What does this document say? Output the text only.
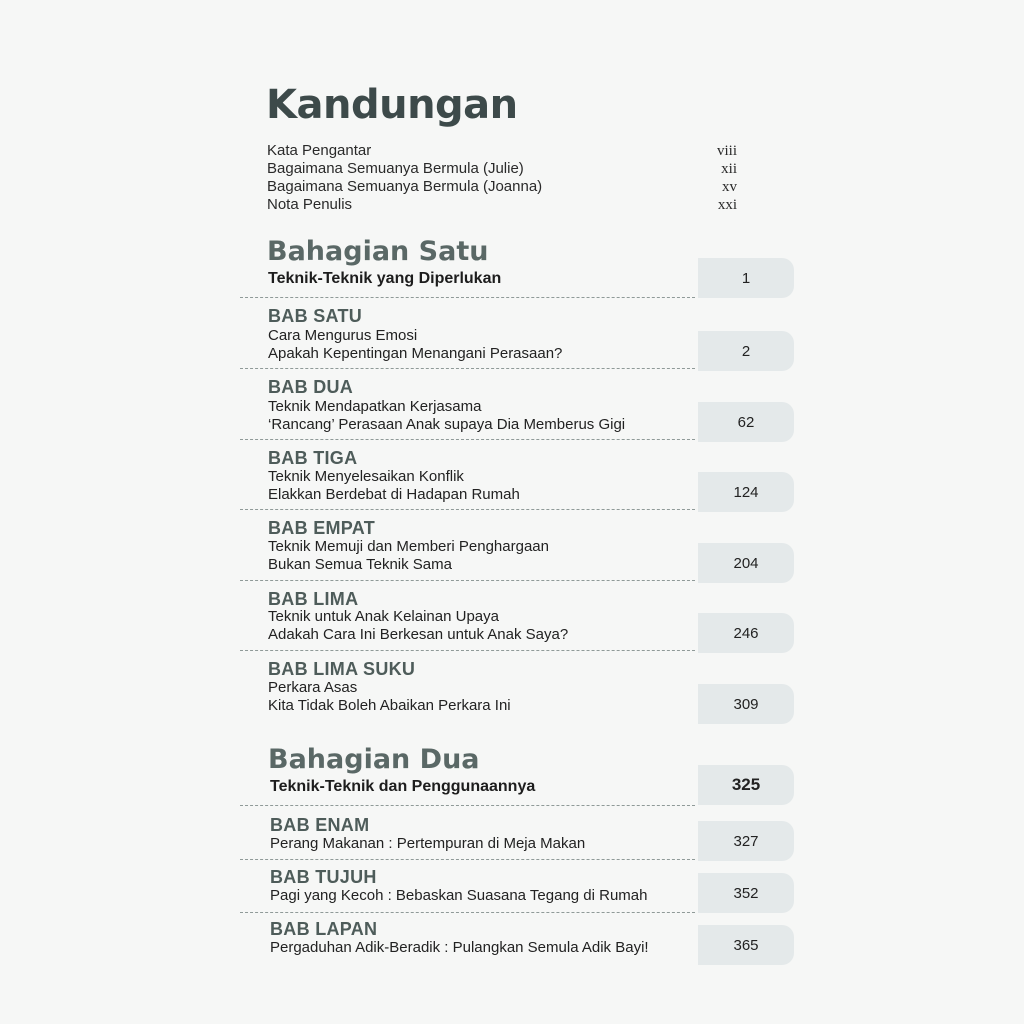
Kandungan
Kata Pengantar	viii
Bagaimana Semuanya Bermula (Julie)	xii
Bagaimana Semuanya Bermula (Joanna)	xv
Nota Penulis	xxi
Bahagian Satu
Teknik-Teknik yang Diperlukan	1
BAB SATU
Cara Mengurus Emosi
Apakah Kepentingan Menangani Perasaan?	2
BAB DUA
Teknik Mendapatkan Kerjasama
‘Rancang’ Perasaan Anak supaya Dia Memberus Gigi	62
BAB TIGA
Teknik Menyelesaikan Konflik
Elakkan Berdebat di Hadapan Rumah	124
BAB EMPAT
Teknik Memuji dan Memberi Penghargaan
Bukan Semua Teknik Sama	204
BAB LIMA
Teknik untuk Anak Kelainan Upaya
Adakah Cara Ini Berkesan untuk Anak Saya?	246
BAB LIMA SUKU
Perkara Asas
Kita Tidak Boleh Abaikan Perkara Ini	309
Bahagian Dua
Teknik-Teknik dan Penggunaannya	325
BAB ENAM
Perang Makanan : Pertempuran di Meja Makan	327
BAB TUJUH
Pagi yang Kecoh : Bebaskan Suasana Tegang di Rumah	352
BAB LAPAN
Pergaduhan Adik-Beradik : Pulangkan Semula Adik Bayi!	365
